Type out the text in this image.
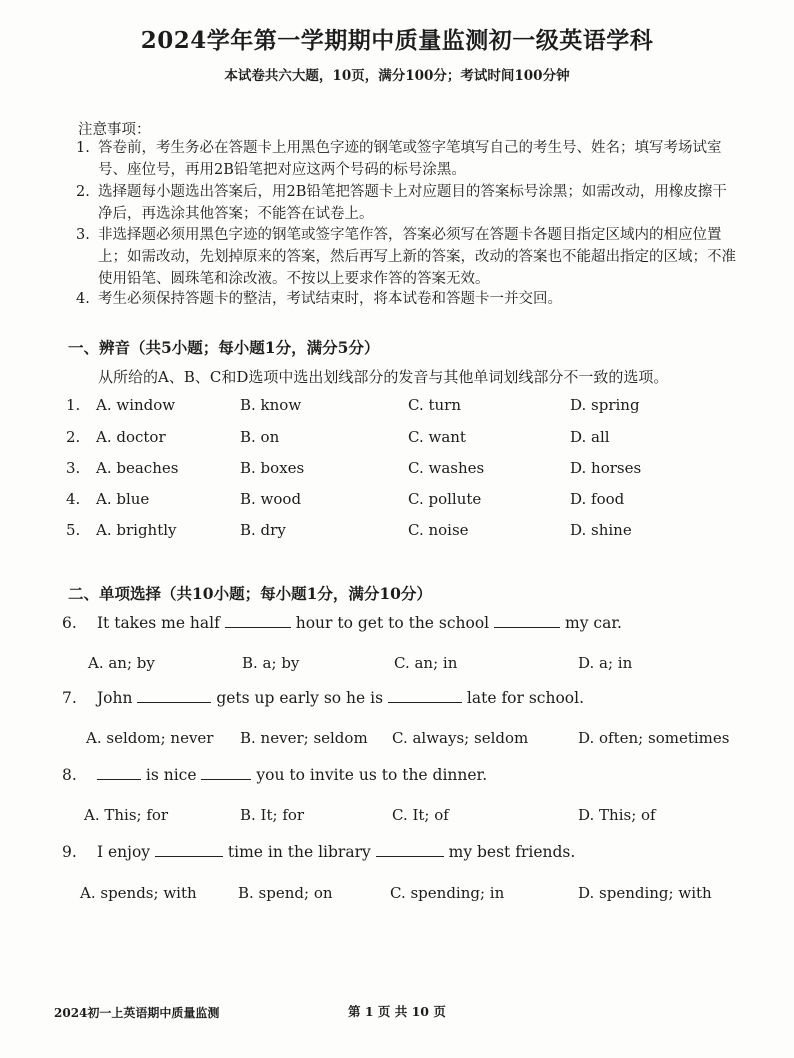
2024学年第一学期期中质量监测初一级英语学科
本试卷共六大题，10页，满分100分；考试时间100分钟
注意事项：
1. 答卷前，考生务必在答题卡上用黑色字迹的钢笔或签字笔填写自己的考生号、姓名；填写考场试室号、座位号，再用2B铅笔把对应这两个号码的标号涂黑。
2. 选择题每小题选出答案后，用2B铅笔把答题卡上对应题目的答案标号涂黑；如需改动，用橡皮擦干净后，再选涂其他答案；不能答在试卷上。
3. 非选择题必须用黑色字迹的钢笔或签字笔作答，答案必须写在答题卡各题目指定区域内的相应位置上；如需改动，先划掉原来的答案，然后再写上新的答案，改动的答案也不能超出指定的区域；不准使用铅笔、圆珠笔和涂改液。不按以上要求作答的答案无效。
4. 考生必须保持答题卡的整洁，考试结束时，将本试卷和答题卡一并交回。
一、辨音（共5小题；每小题1分，满分5分）
从所给的A、B、C和D选项中选出划线部分的发音与其他单词划线部分不一致的选项。
1. A. window	B. know	C. turn	D. spring
2. A. doctor	B. on	C. want	D. all
3. A. beaches	B. boxes	C. washes	D. horses
4. A. blue	B. wood	C. pollute	D. food
5. A. brightly	B. dry	C. noise	D. shine
二、单项选择（共10小题；每小题1分，满分10分）
6. It takes me half	hour to get to the school	my car.
A. an; by	B. a; by	C. an; in	D. a; in
7. John	gets up early so he is	late for school.
A. seldom; never B. never; seldom C. always; seldom	D. often; sometimes
8.	is nice	you to invite us to the dinner.
A. This; for	B. It; for	C. It; of	D. This; of
9. I enjoy	time in the library	my best friends.
A. spends; with	B. spend; on	C. spending; in	D. spending; with
2024初一上英语期中质量监测	第 1 页 共 10 页
